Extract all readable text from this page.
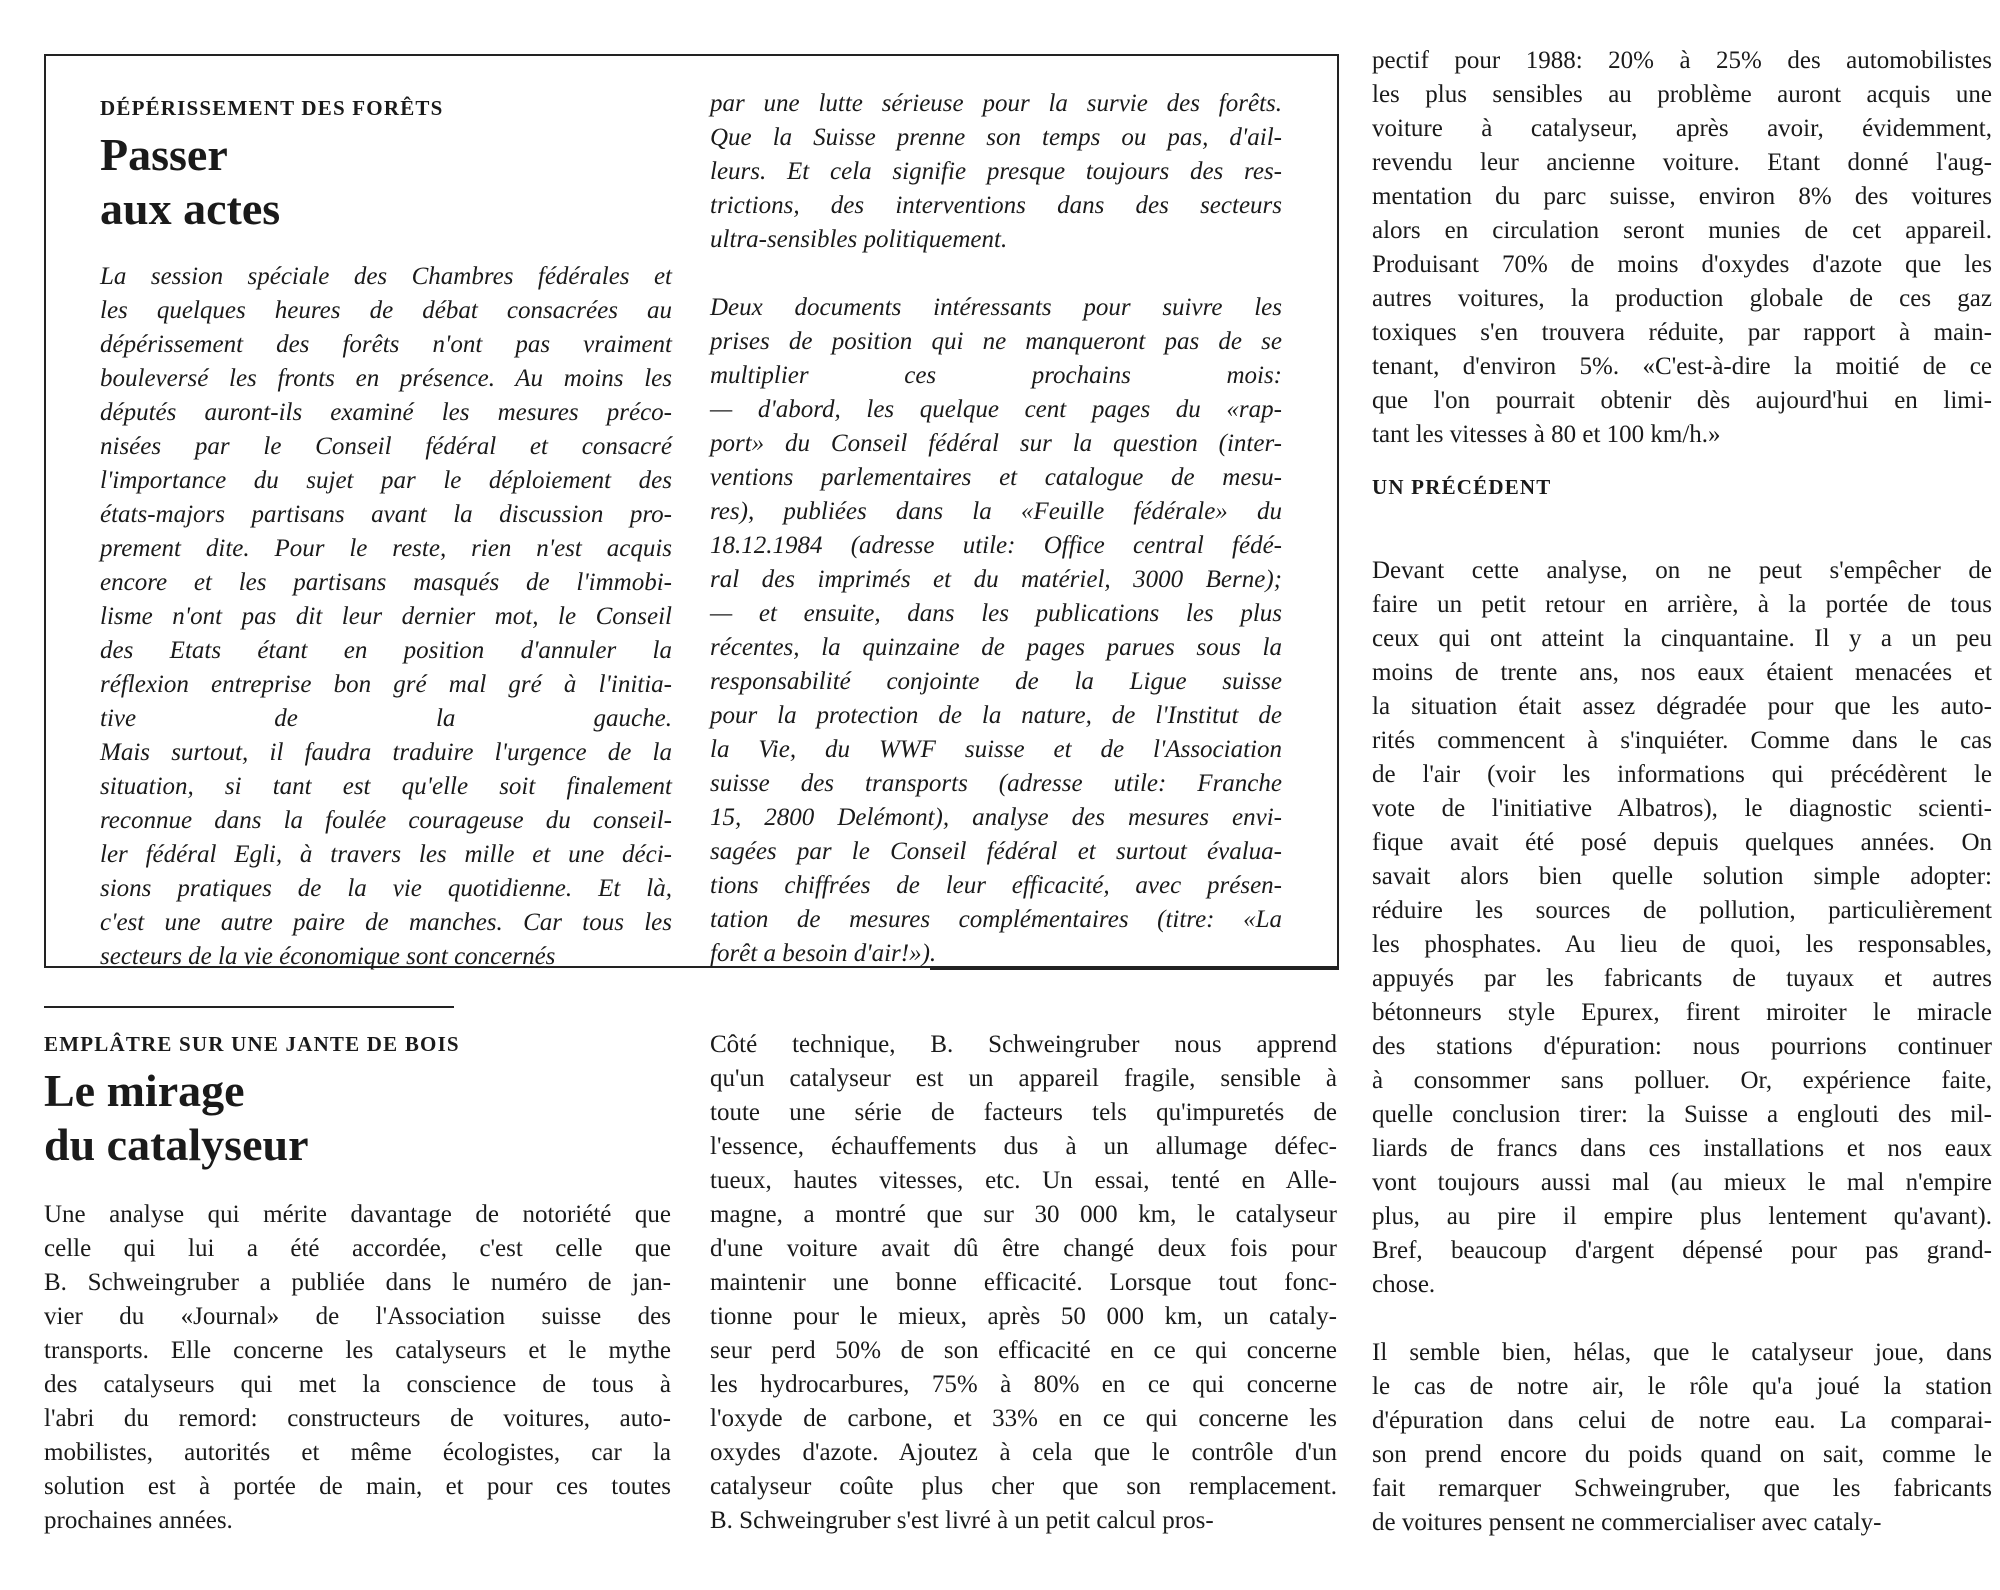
DÉPÉRISSEMENT DES FORÊTS
Passer
aux actes
La session spéciale des Chambres fédérales et
les quelques heures de débat consacrées au
dépérissement des forêts n'ont pas vraiment
bouleversé les fronts en présence. Au moins les
députés auront-ils examiné les mesures préco-
nisées par le Conseil fédéral et consacré
l'importance du sujet par le déploiement des
états-majors partisans avant la discussion pro-
prement dite. Pour le reste, rien n'est acquis
encore et les partisans masqués de l'immobi-
lisme n'ont pas dit leur dernier mot, le Conseil
des Etats étant en position d'annuler la
réflexion entreprise bon gré mal gré à l'initia-
tive de la gauche.
Mais surtout, il faudra traduire l'urgence de la
situation, si tant est qu'elle soit finalement
reconnue dans la foulée courageuse du conseil-
ler fédéral Egli, à travers les mille et une déci-
sions pratiques de la vie quotidienne. Et là,
c'est une autre paire de manches. Car tous les
secteurs de la vie économique sont concernés
par une lutte sérieuse pour la survie des forêts.
Que la Suisse prenne son temps ou pas, d'ail-
leurs. Et cela signifie presque toujours des res-
trictions, des interventions dans des secteurs
ultra-sensibles politiquement.
Deux documents intéressants pour suivre les
prises de position qui ne manqueront pas de se
multiplier ces prochains mois:
— d'abord, les quelque cent pages du «rap-
port» du Conseil fédéral sur la question (inter-
ventions parlementaires et catalogue de mesu-
res), publiées dans la «Feuille fédérale» du
18.12.1984 (adresse utile: Office central fédé-
ral des imprimés et du matériel, 3000 Berne);
— et ensuite, dans les publications les plus
récentes, la quinzaine de pages parues sous la
responsabilité conjointe de la Ligue suisse
pour la protection de la nature, de l'Institut de
la Vie, du WWF suisse et de l'Association
suisse des transports (adresse utile: Franche
15, 2800 Delémont), analyse des mesures envi-
sagées par le Conseil fédéral et surtout évalua-
tions chiffrées de leur efficacité, avec présen-
tation de mesures complémentaires (titre: «La
forêt a besoin d'air!»).
EMPLÂTRE SUR UNE JANTE DE BOIS
Le mirage
du catalyseur
Une analyse qui mérite davantage de notoriété que
celle qui lui a été accordée, c'est celle que
B. Schweingruber a publiée dans le numéro de jan-
vier du «Journal» de l'Association suisse des
transports. Elle concerne les catalyseurs et le mythe
des catalyseurs qui met la conscience de tous à
l'abri du remord: constructeurs de voitures, auto-
mobilistes, autorités et même écologistes, car la
solution est à portée de main, et pour ces toutes
prochaines années.
Côté technique, B. Schweingruber nous apprend
qu'un catalyseur est un appareil fragile, sensible à
toute une série de facteurs tels qu'impuretés de
l'essence, échauffements dus à un allumage défec-
tueux, hautes vitesses, etc. Un essai, tenté en Alle-
magne, a montré que sur 30 000 km, le catalyseur
d'une voiture avait dû être changé deux fois pour
maintenir une bonne efficacité. Lorsque tout fonc-
tionne pour le mieux, après 50 000 km, un cataly-
seur perd 50% de son efficacité en ce qui concerne
les hydrocarbures, 75% à 80% en ce qui concerne
l'oxyde de carbone, et 33% en ce qui concerne les
oxydes d'azote. Ajoutez à cela que le contrôle d'un
catalyseur coûte plus cher que son remplacement.
B. Schweingruber s'est livré à un petit calcul pros-
pectif pour 1988: 20% à 25% des automobilistes
les plus sensibles au problème auront acquis une
voiture à catalyseur, après avoir, évidemment,
revendu leur ancienne voiture. Etant donné l'aug-
mentation du parc suisse, environ 8% des voitures
alors en circulation seront munies de cet appareil.
Produisant 70% de moins d'oxydes d'azote que les
autres voitures, la production globale de ces gaz
toxiques s'en trouvera réduite, par rapport à main-
tenant, d'environ 5%. «C'est-à-dire la moitié de ce
que l'on pourrait obtenir dès aujourd'hui en limi-
tant les vitesses à 80 et 100 km/h.»
UN PRÉCÉDENT
Devant cette analyse, on ne peut s'empêcher de
faire un petit retour en arrière, à la portée de tous
ceux qui ont atteint la cinquantaine. Il y a un peu
moins de trente ans, nos eaux étaient menacées et
la situation était assez dégradée pour que les auto-
rités commencent à s'inquiéter. Comme dans le cas
de l'air (voir les informations qui précédèrent le
vote de l'initiative Albatros), le diagnostic scienti-
fique avait été posé depuis quelques années. On
savait alors bien quelle solution simple adopter:
réduire les sources de pollution, particulièrement
les phosphates. Au lieu de quoi, les responsables,
appuyés par les fabricants de tuyaux et autres
bétonneurs style Epurex, firent miroiter le miracle
des stations d'épuration: nous pourrions continuer
à consommer sans polluer. Or, expérience faite,
quelle conclusion tirer: la Suisse a englouti des mil-
liards de francs dans ces installations et nos eaux
vont toujours aussi mal (au mieux le mal n'empire
plus, au pire il empire plus lentement qu'avant).
Bref, beaucoup d'argent dépensé pour pas grand-
chose.
Il semble bien, hélas, que le catalyseur joue, dans
le cas de notre air, le rôle qu'a joué la station
d'épuration dans celui de notre eau. La comparai-
son prend encore du poids quand on sait, comme le
fait remarquer Schweingruber, que les fabricants
de voitures pensent ne commercialiser avec cataly-
